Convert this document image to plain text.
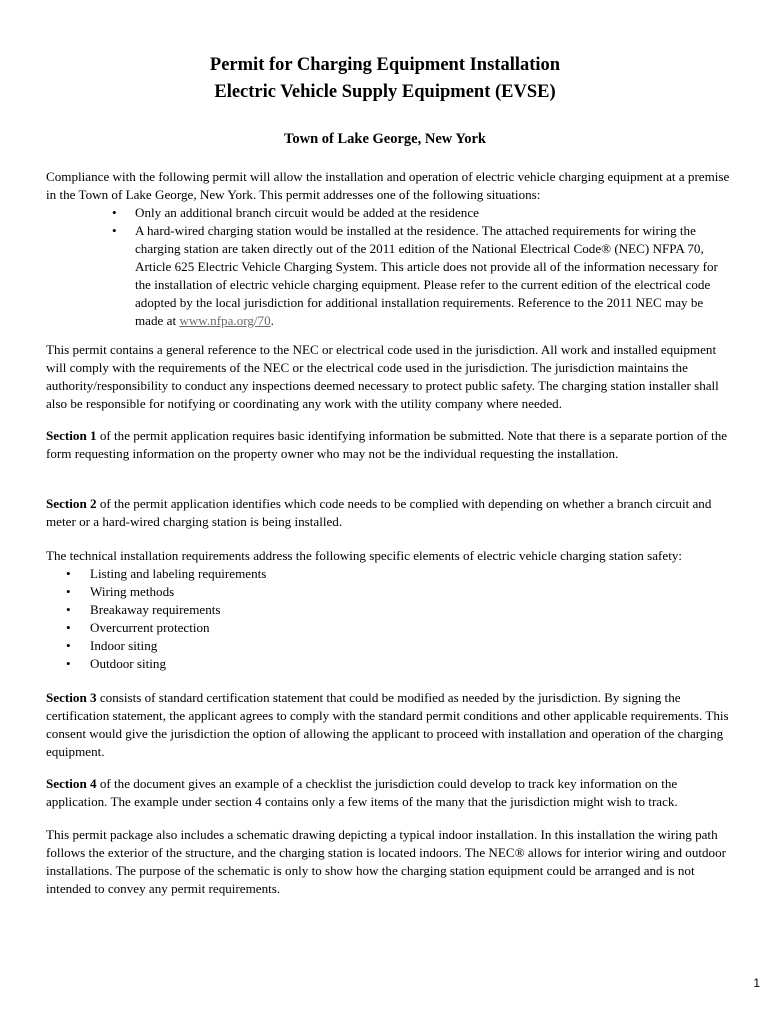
Permit for Charging Equipment Installation
Electric Vehicle Supply Equipment (EVSE)
Town of Lake George, New York

Compliance with the following permit will allow the installation and operation of electric vehicle charging equipment at a premise in the Town of Lake George, New York. This permit addresses one of the following situations:

• Only an additional branch circuit would be added at the residence
• A hard-wired charging station would be installed at the residence. The attached requirements for wiring the charging station are taken directly out of the 2011 edition of the National Electrical Code® (NEC) NFPA 70, Article 625 Electric Vehicle Charging System. This article does not provide all of the information necessary for the installation of electric vehicle charging equipment. Please refer to the current edition of the electrical code adopted by the local jurisdiction for additional installation requirements. Reference to the 2011 NEC may be made at www.nfpa.org/70.

This permit contains a general reference to the NEC or electrical code used in the jurisdiction. All work and installed equipment will comply with the requirements of the NEC or the electrical code used in the jurisdiction. The jurisdiction maintains the authority/responsibility to conduct any inspections deemed necessary to protect public safety. The charging station installer shall also be responsible for notifying or coordinating any work with the utility company where needed.

Section 1 of the permit application requires basic identifying information be submitted. Note that there is a separate portion of the form requesting information on the property owner who may not be the individual requesting the installation.

Section 2 of the permit application identifies which code needs to be complied with depending on whether a branch circuit and meter or a hard-wired charging station is being installed.

The technical installation requirements address the following specific elements of electric vehicle charging station safety:

• Listing and labeling requirements
• Wiring methods
• Breakaway requirements
• Overcurrent protection
• Indoor siting
• Outdoor siting

Section 3 consists of standard certification statement that could be modified as needed by the jurisdiction. By signing the certification statement, the applicant agrees to comply with the standard permit conditions and other applicable requirements. This consent would give the jurisdiction the option of allowing the applicant to proceed with installation and operation of the charging equipment.

Section 4 of the document gives an example of a checklist the jurisdiction could develop to track key information on the application. The example under section 4 contains only a few items of the many that the jurisdiction might wish to track.

This permit package also includes a schematic drawing depicting a typical indoor installation. In this installation the wiring path follows the exterior of the structure, and the charging station is located indoors. The NEC® allows for interior wiring and outdoor installations. The purpose of the schematic is only to show how the charging station equipment could be arranged and is not intended to convey any permit requirements.

1
